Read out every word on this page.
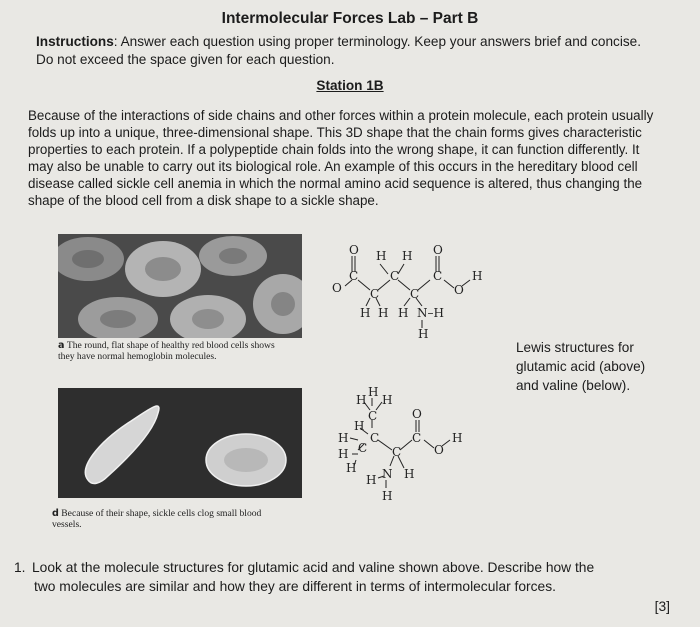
Intermolecular Forces Lab – Part B
Instructions: Answer each question using proper terminology. Keep your answers brief and concise. Do not exceed the space given for each question.
Station 1B
Because of the interactions of side chains and other forces within a protein molecule, each protein usually folds up into a unique, three-dimensional shape. This 3D shape that the chain forms gives characteristic properties to each protein. If a polypeptide chain folds into the wrong shape, it can function differently. It may also be unable to carry out its biological role. An example of this occurs in the hereditary blood cell disease called sickle cell anemia in which the normal amino acid sequence is altered, thus changing the shape of the blood cell from a disk shape to a sickle shape.
a The round, flat shape of healthy red blood cells shows they have normal hemoglobin molecules.
d Because of their shape, sickle cells clog small blood vessels.
O	O
H H
O
C
C
C
C
C
O
H
H H H N–H
H
H
H H
C
H
H C
C
O
C
C	O
H
H
H N H
H
H
Lewis structures for glutamic acid (above) and valine (below).
1. Look at the molecule structures for glutamic acid and valine shown above. Describe how the
two molecules are similar and how they are different in terms of intermolecular forces.
[3]
